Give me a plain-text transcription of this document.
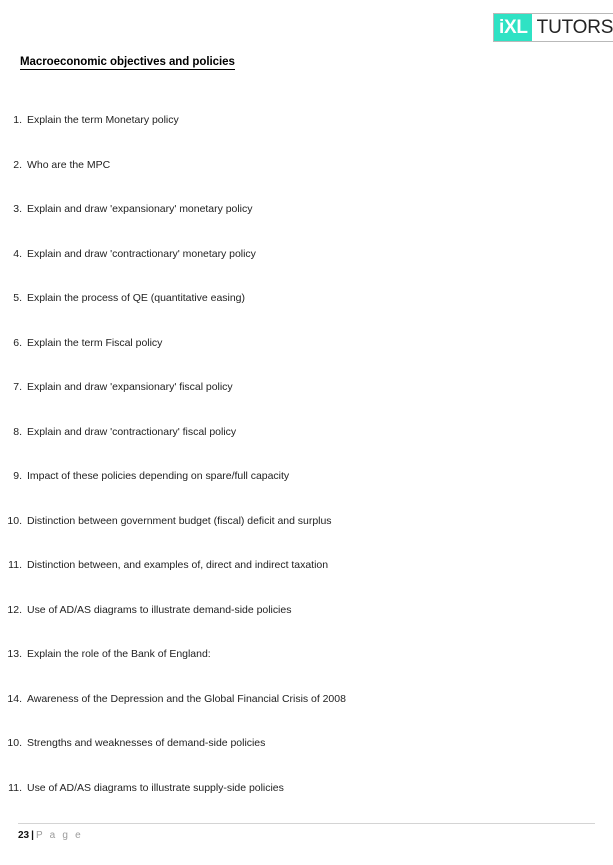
iXL TUTORS
Macroeconomic objectives and policies
1. Explain the term Monetary policy
2. Who are the MPC
3. Explain and draw 'expansionary' monetary policy
4. Explain and draw 'contractionary' monetary policy
5. Explain the process of QE (quantitative easing)
6. Explain the term Fiscal policy
7. Explain and draw 'expansionary' fiscal policy
8. Explain and draw 'contractionary' fiscal policy
9. Impact of these policies depending on spare/full capacity
10. Distinction between government budget (fiscal) deficit and surplus
11. Distinction between, and examples of, direct and indirect taxation
12. Use of AD/AS diagrams to illustrate demand-side policies
13. Explain the role of the Bank of England:
14. Awareness of the Depression and the Global Financial Crisis of 2008
10. Strengths and weaknesses of demand-side policies
11. Use of AD/AS diagrams to illustrate supply-side policies
23 | P a g e
